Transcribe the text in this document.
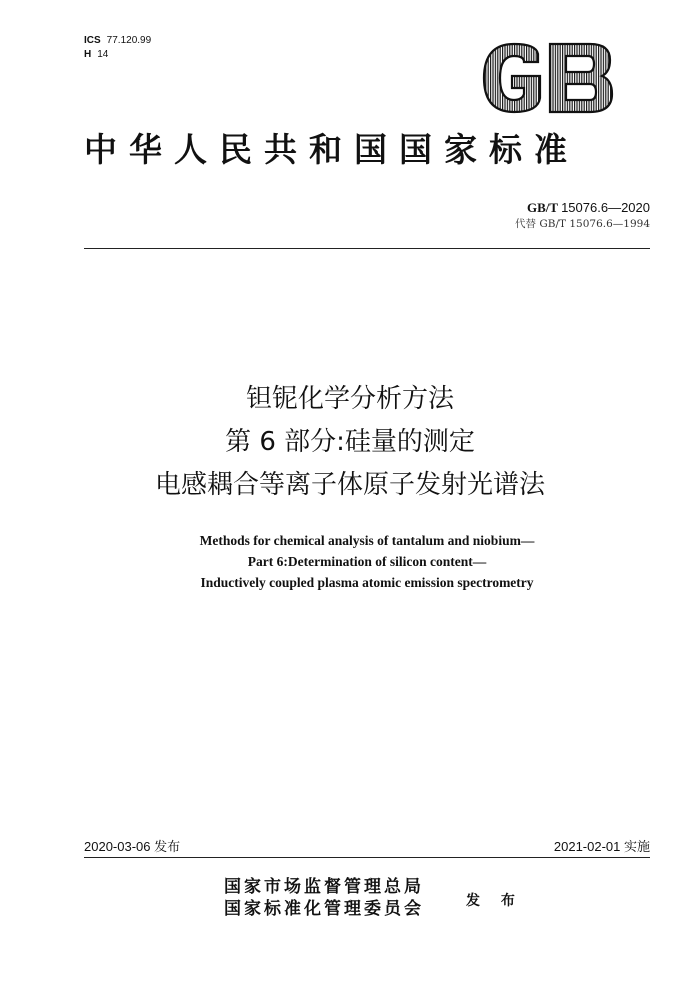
ICS 77.120.99
H 14
中华人民共和国国家标准
GB/T 15076.6—2020
代替 GB/T 15076.6—1994
钽铌化学分析方法
第 6 部分:硅量的测定
电感耦合等离子体原子发射光谱法
Methods for chemical analysis of tantalum and niobium—
Part 6:Determination of silicon content—
Inductively coupled plasma atomic emission spectrometry
2020-03-06 发布	2021-02-01 实施
国家市场监督管理总局
国家标准化管理委员会	发 布
